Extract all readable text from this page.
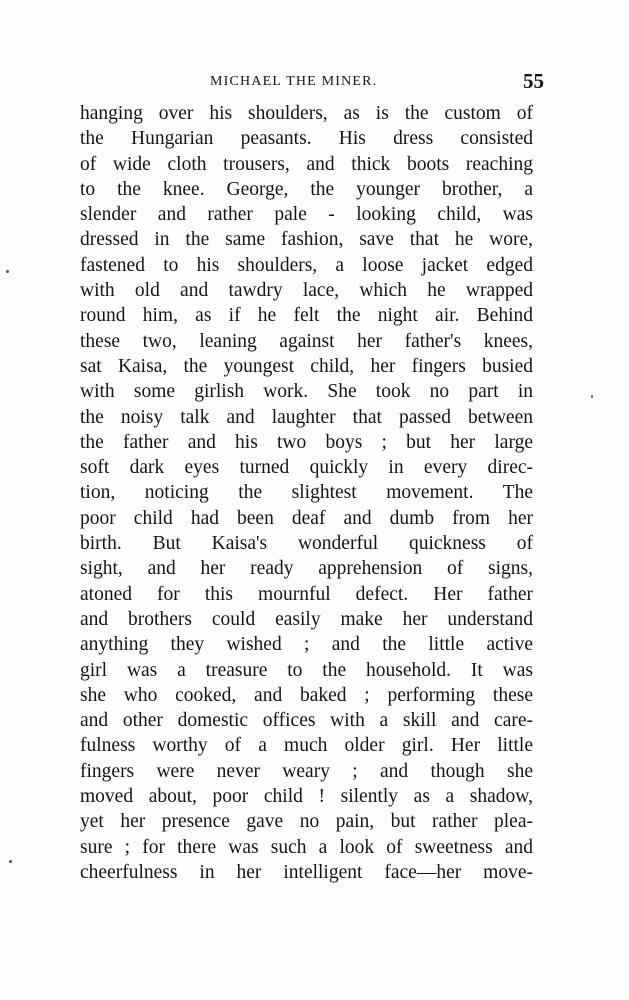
MICHAEL THE MINER.	55
hanging over his shoulders, as is the custom of
the Hungarian peasants. His dress consisted
of wide cloth trousers, and thick boots reaching
to the knee. George, the younger brother, a
slender and rather pale - looking child, was
dressed in the same fashion, save that he wore,
fastened to his shoulders, a loose jacket edged
with old and tawdry lace, which he wrapped
round him, as if he felt the night air. Behind
these two, leaning against her father's knees,
sat Kaisa, the youngest child, her fingers busied
with some girlish work. She took no part in
the noisy talk and laughter that passed between
the father and his two boys ; but her large
soft dark eyes turned quickly in every direc-
tion, noticing the slightest movement. The
poor child had been deaf and dumb from her
birth. But Kaisa's wonderful quickness of
sight, and her ready apprehension of signs,
atoned for this mournful defect. Her father
and brothers could easily make her understand
anything they wished ; and the little active
girl was a treasure to the household. It was
she who cooked, and baked ; performing these
and other domestic offices with a skill and care-
fulness worthy of a much older girl. Her little
fingers were never weary ; and though she
moved about, poor child ! silently as a shadow,
yet her presence gave no pain, but rather plea-
sure ; for there was such a look of sweetness and
cheerfulness in her intelligent face—her move-
